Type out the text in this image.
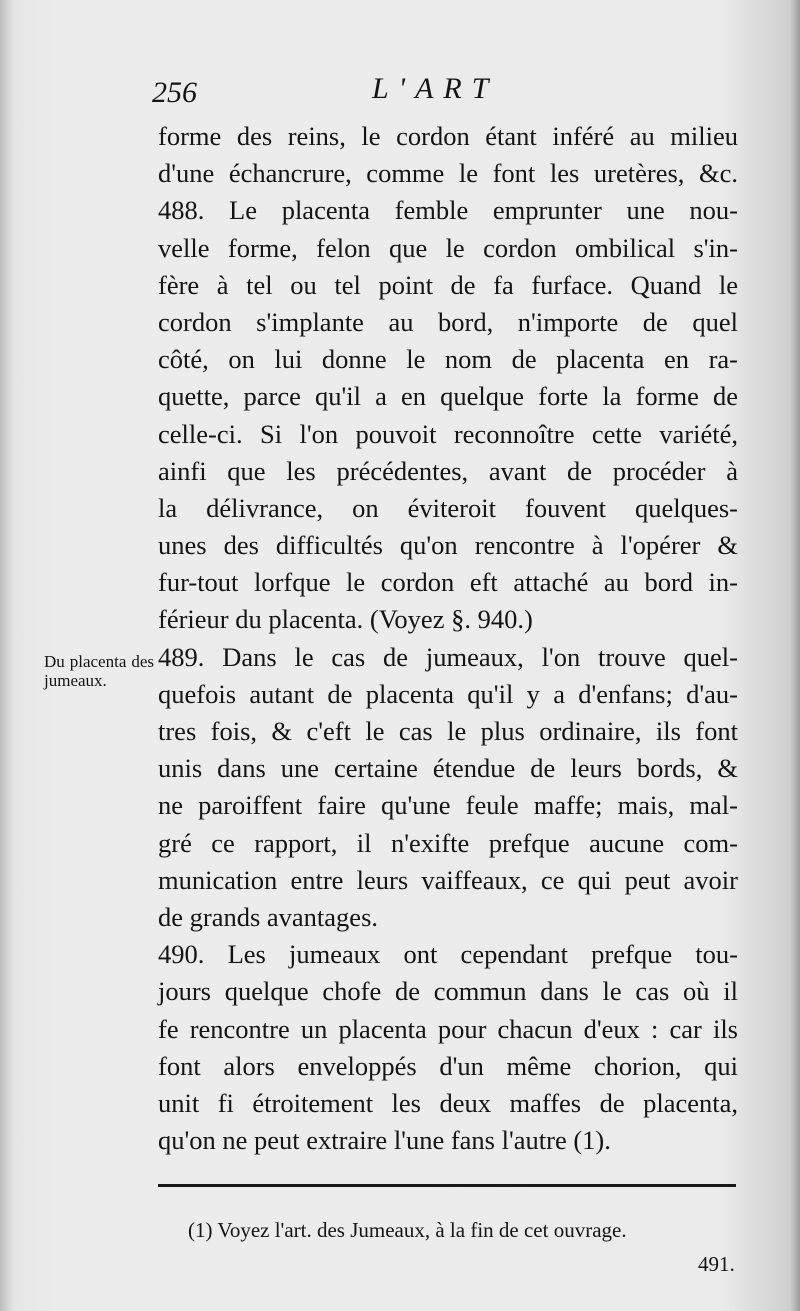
256	L'ART
Du placenta des jumeaux.
forme des reins, le cordon étant inféré au milieu
d'une échancrure, comme le font les uretères, &c.
488. Le placenta femble emprunter une nou-
velle forme, felon que le cordon ombilical s'in-
fère à tel ou tel point de fa furface. Quand le
cordon s'implante au bord, n'importe de quel
côté, on lui donne le nom de placenta en ra-
quette, parce qu'il a en quelque forte la forme de
celle-ci. Si l'on pouvoit reconnoître cette variété,
ainfi que les précédentes, avant de procéder à
la délivrance, on éviteroit fouvent quelques-
unes des difficultés qu'on rencontre à l'opérer &
fur-tout lorfque le cordon eft attaché au bord in-
férieur du placenta. (Voyez §. 940.)
489. Dans le cas de jumeaux, l'on trouve quel-
quefois autant de placenta qu'il y a d'enfans; d'au-
tres fois, & c'eft le cas le plus ordinaire, ils font
unis dans une certaine étendue de leurs bords, &
ne paroiffent faire qu'une feule maffe; mais, mal-
gré ce rapport, il n'exifte prefque aucune com-
munication entre leurs vaiffeaux, ce qui peut avoir
de grands avantages.
490. Les jumeaux ont cependant prefque tou-
jours quelque chofe de commun dans le cas où il
fe rencontre un placenta pour chacun d'eux : car ils
font alors enveloppés d'un même chorion, qui
unit fi étroitement les deux maffes de placenta,
qu'on ne peut extraire l'une fans l'autre (1).
(1) Voyez l'art. des Jumeaux, à la fin de cet ouvrage.
491.
